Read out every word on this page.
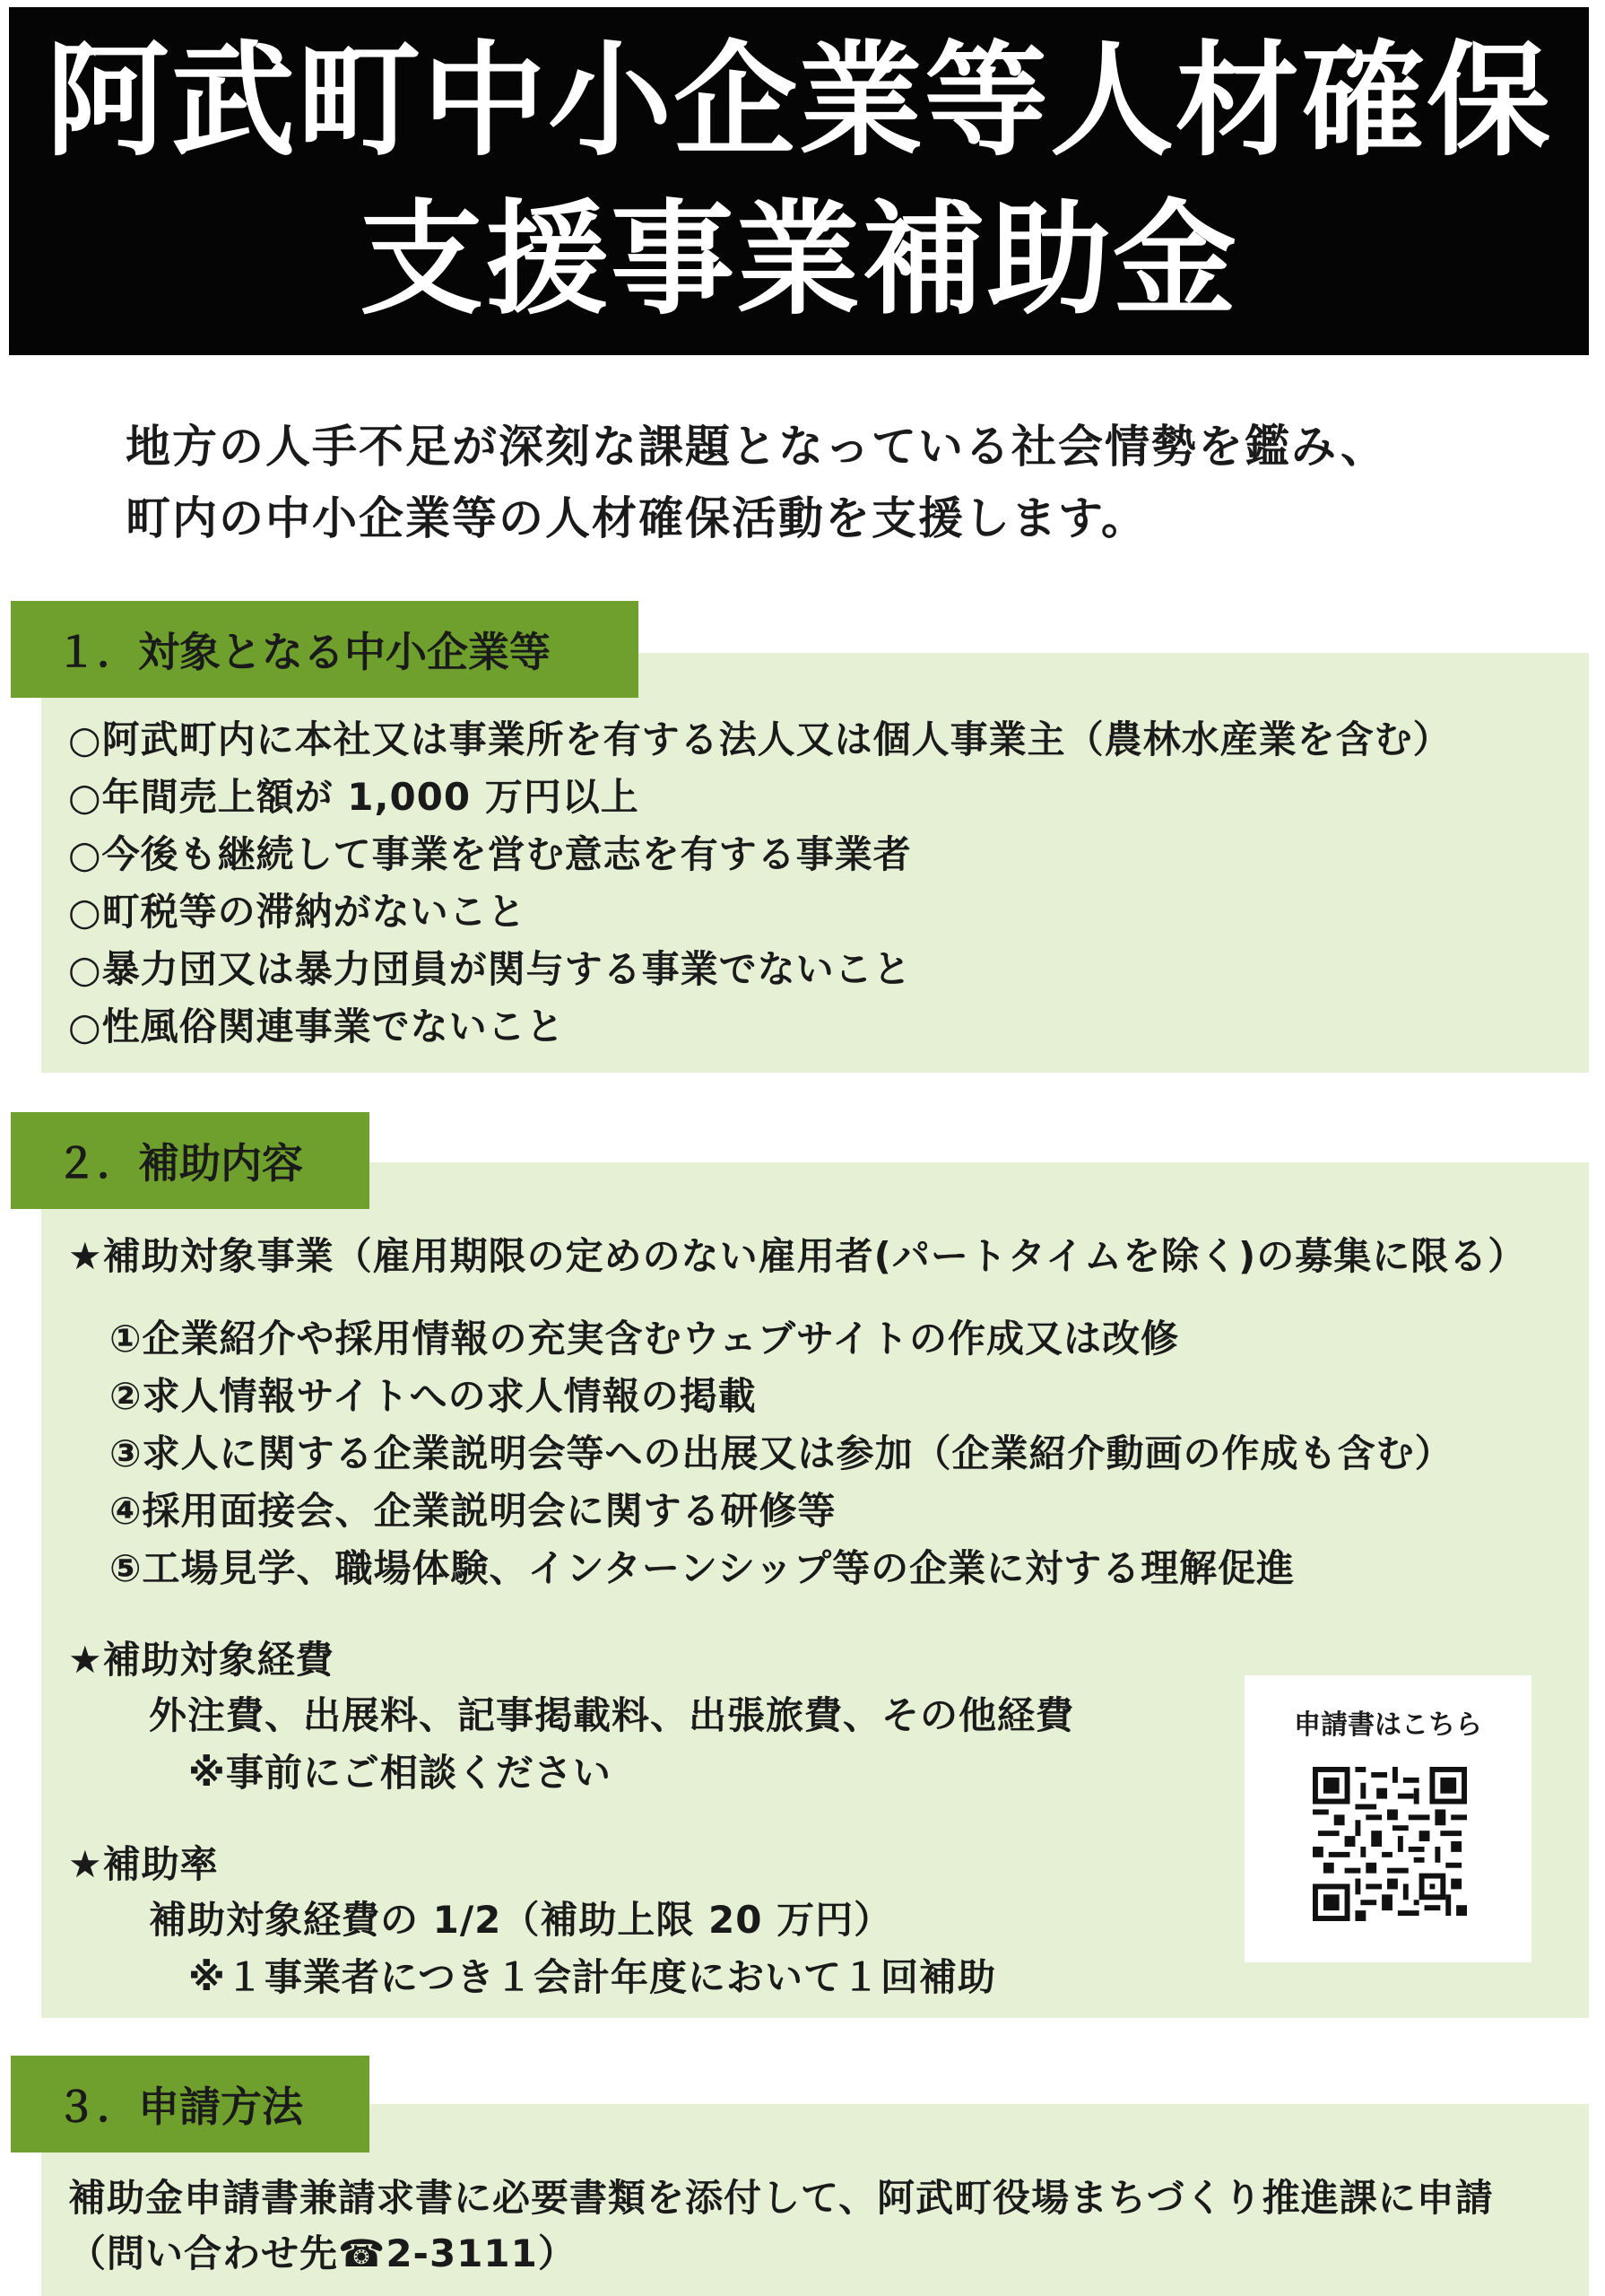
阿武町中小企業等人材確保
支援事業補助金
地方の人手不足が深刻な課題となっている社会情勢を鑑み、
町内の中小企業等の人材確保活動を支援します。
１．対象となる中小企業等
○阿武町内に本社又は事業所を有する法人又は個人事業主（農林水産業を含む）
○年間売上額が 1,000 万円以上
○今後も継続して事業を営む意志を有する事業者
○町税等の滞納がないこと
○暴力団又は暴力団員が関与する事業でないこと
○性風俗関連事業でないこと
２．補助内容
★補助対象事業（雇用期限の定めのない雇用者(パートタイムを除く)の募集に限る）
①企業紹介や採用情報の充実含むウェブサイトの作成又は改修
②求人情報サイトへの求人情報の掲載
③求人に関する企業説明会等への出展又は参加（企業紹介動画の作成も含む）
④採用面接会、企業説明会に関する研修等
⑤工場見学、職場体験、インターンシップ等の企業に対する理解促進
★補助対象経費
外注費、出展料、記事掲載料、出張旅費、その他経費
※事前にご相談ください
★補助率
補助対象経費の 1/2（補助上限 20 万円）
※１事業者につき１会計年度において１回補助
申請書はこちら
３．申請方法
補助金申請書兼請求書に必要書類を添付して、阿武町役場まちづくり推進課に申請
（問い合わせ先☎2-3111）
